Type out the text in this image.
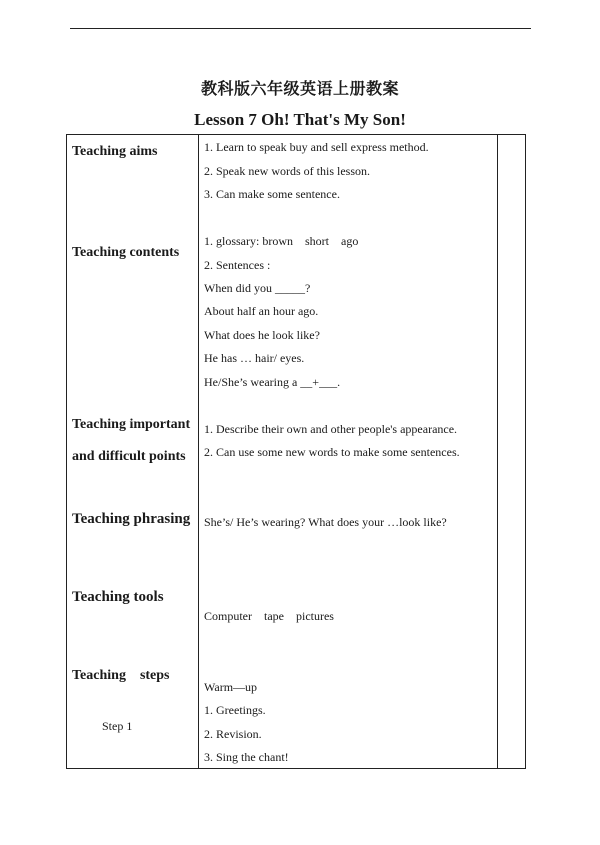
教科版六年级英语上册教案
Lesson 7 Oh! That's My Son!
Teaching aims	1. Learn to speak buy and sell express method.
2. Speak new words of this lesson.
3. Can make some sentence.
Teaching contents
1. glossary: brown    short    ago
2. Sentences :
When did you _____?
About half an hour ago.
What does he look like?
He has … hair/ eyes.
He/She’s wearing a __+___.
Teaching important
and difficult points
1. Describe their own and other people's appearance.
2. Can use some new words to make some sentences.
Teaching phrasing She’s/ He’s wearing? What does your …look like?
Teaching tools
Computer    tape    pictures
Teaching    steps
Step 1
Warm—up
1. Greetings.
2. Revision.
3. Sing the chant!
